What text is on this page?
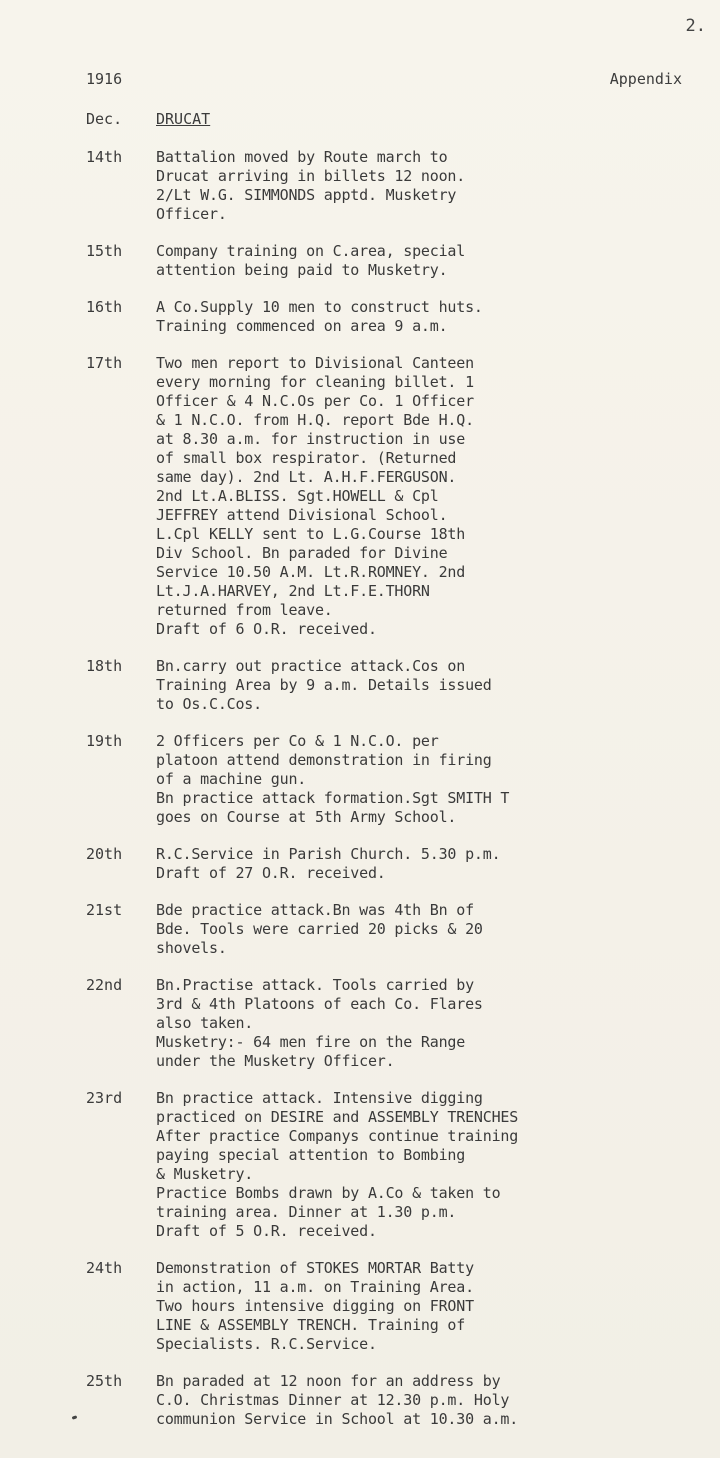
2.
1916	Appendix
Dec. DRUCAT
14th	Battalion moved by Route march to
Drucat arriving in billets 12 noon.
2/Lt W.G. SIMMONDS apptd. Musketry
Officer.
15th	Company training on C.area, special
attention being paid to Musketry.
16th	A Co.Supply 10 men to construct huts.
Training commenced on area 9 a.m.
17th	Two men report to Divisional Canteen
every morning for cleaning billet. 1
Officer & 4 N.C.Os per Co. 1 Officer
& 1 N.C.O. from H.Q. report Bde H.Q.
at 8.30 a.m. for instruction in use
of small box respirator. (Returned
same day). 2nd Lt. A.H.F.FERGUSON.
2nd Lt.A.BLISS. Sgt.HOWELL & Cpl
JEFFREY attend Divisional School.
L.Cpl KELLY sent to L.G.Course 18th
Div School. Bn paraded for Divine
Service 10.50 A.M. Lt.R.ROMNEY. 2nd
Lt.J.A.HARVEY, 2nd Lt.F.E.THORN
returned from leave.
Draft of 6 O.R. received.
18th	Bn.carry out practice attack.Cos on
Training Area by 9 a.m. Details issued
to Os.C.Cos.
19th	2 Officers per Co & 1 N.C.O. per
platoon attend demonstration in firing
of a machine gun.
Bn practice attack formation.Sgt SMITH T
goes on Course at 5th Army School.
20th	R.C.Service in Parish Church. 5.30 p.m.
Draft of 27 O.R. received.
21st	Bde practice attack.Bn was 4th Bn of
Bde. Tools were carried 20 picks & 20
shovels.
22nd	Bn.Practise attack. Tools carried by
3rd & 4th Platoons of each Co. Flares
also taken.
Musketry:- 64 men fire on the Range
under the Musketry Officer.
23rd	Bn practice attack. Intensive digging
practiced on DESIRE and ASSEMBLY TRENCHES
After practice Companys continue training
paying special attention to Bombing
& Musketry.
Practice Bombs drawn by A.Co & taken to
training area. Dinner at 1.30 p.m.
Draft of 5 O.R. received.
24th	Demonstration of STOKES MORTAR Batty
in action, 11 a.m. on Training Area.
Two hours intensive digging on FRONT
LINE & ASSEMBLY TRENCH. Training of
Specialists. R.C.Service.
25th	Bn paraded at 12 noon for an address by
C.O. Christmas Dinner at 12.30 p.m. Holy
communion Service in School at 10.30 a.m.
